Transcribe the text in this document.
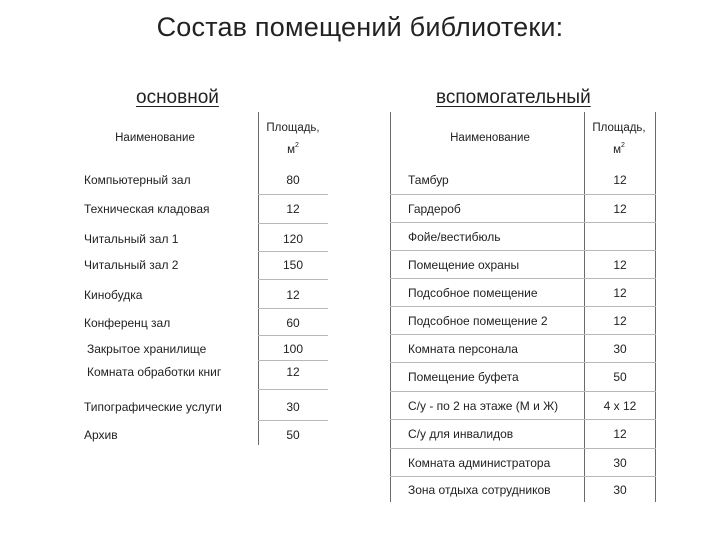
Состав помещений библиотеки:
основной
Наименование
Площадь,
$м^2$
Компьютерный зал	80
Техническая кладовая	12
Читальный зал 1	120
Читальный зал 2	150
Кинобудка	12
Конференц зал	60
Закрытое хранилище	100
Комната обработки книг	12
Типографические услуги	30
Архив	50
вспомогательный
Наименование
Площадь,
$м^2$
Тамбур	12
Гардероб	12
Фойе/вестибюль
Помещение охраны	12
Подсобное помещение	12
Подсобное помещение 2	12
Комната персонала	30
Помещение буфета	50
С/у - по 2 на этаже (М и Ж)	4 х 12
С/у для инвалидов	12
Комната администратора	30
Зона отдыха сотрудников	30
